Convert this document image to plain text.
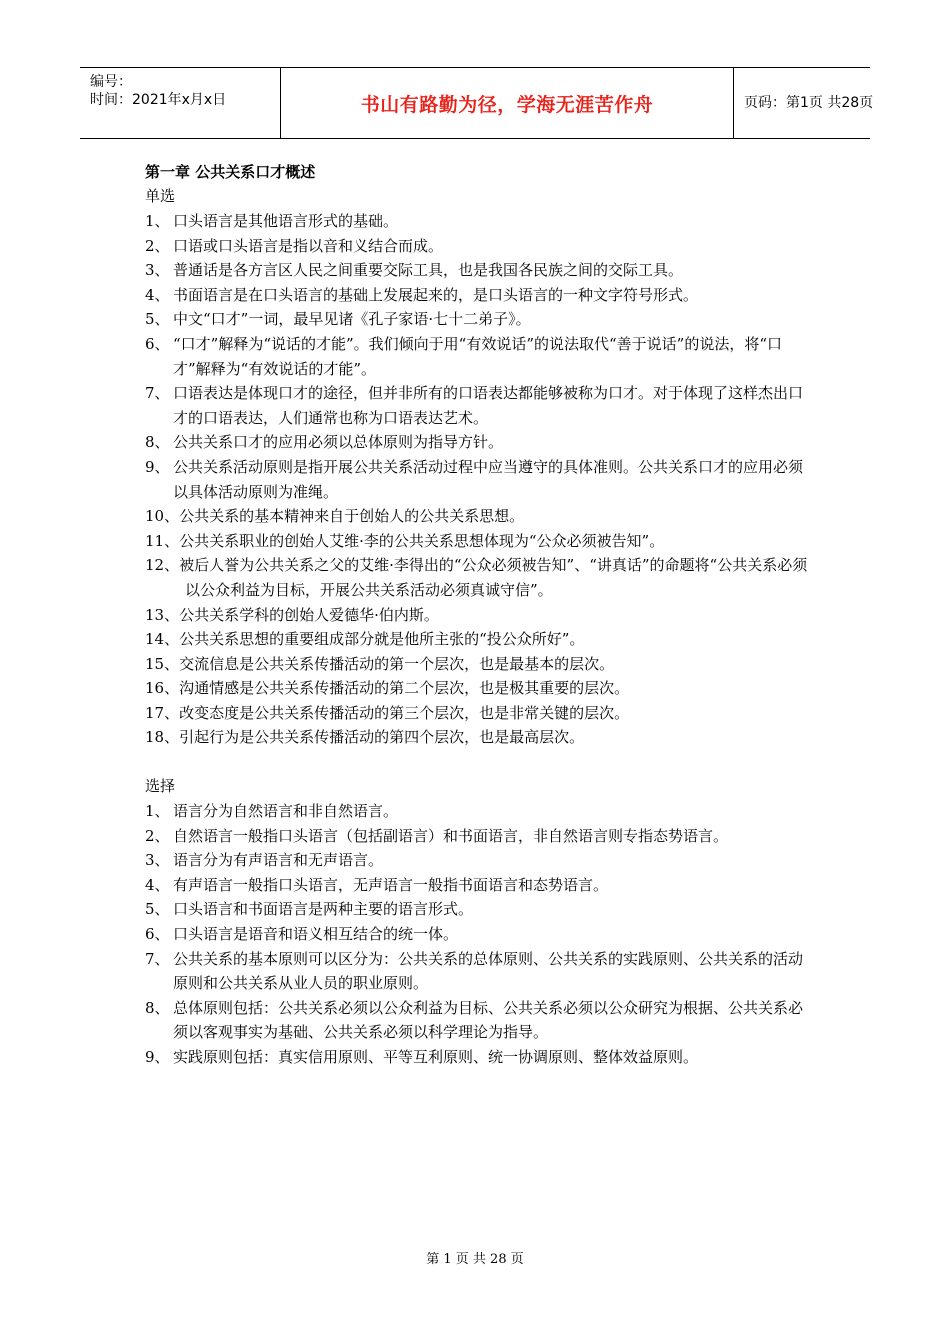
编号：
时间：2021年x月x日	书山有路勤为径，学海无涯苦作舟	页码：第1页 共28页
第一章 公共关系口才概述
单选
1、 口头语言是其他语言形式的基础。
2、 口语或口头语言是指以音和义结合而成。
3、 普通话是各方言区人民之间重要交际工具，也是我国各民族之间的交际工具。
4、 书面语言是在口头语言的基础上发展起来的，是口头语言的一种文字符号形式。
5、 中文“口才”一词，最早见诸《孔子家语·七十二弟子》。
6、 “口才”解释为“说话的才能”。我们倾向于用“有效说话”的说法取代“善于说话”的说法，将“口才”解释为“有效说话的才能”。
7、 口语表达是体现口才的途径，但并非所有的口语表达都能够被称为口才。对于体现了这样杰出口才的口语表达，人们通常也称为口语表达艺术。
8、 公共关系口才的应用必须以总体原则为指导方针。
9、 公共关系活动原则是指开展公共关系活动过程中应当遵守的具体准则。公共关系口才的应用必须以具体活动原则为准绳。
10、公共关系的基本精神来自于创始人的公共关系思想。
11、公共关系职业的创始人艾维·李的公共关系思想体现为“公众必须被告知”。
12、被后人誉为公共关系之父的艾维·李得出的“公众必须被告知”、“讲真话”的命题将“公共关系必须以公众利益为目标，开展公共关系活动必须真诚守信”。
13、公共关系学科的创始人爱德华·伯内斯。
14、公共关系思想的重要组成部分就是他所主张的“投公众所好”。
15、交流信息是公共关系传播活动的第一个层次，也是最基本的层次。
16、沟通情感是公共关系传播活动的第二个层次，也是极其重要的层次。
17、改变态度是公共关系传播活动的第三个层次，也是非常关键的层次。
18、引起行为是公共关系传播活动的第四个层次，也是最高层次。
选择
1、 语言分为自然语言和非自然语言。
2、 自然语言一般指口头语言（包括副语言）和书面语言，非自然语言则专指态势语言。
3、 语言分为有声语言和无声语言。
4、 有声语言一般指口头语言，无声语言一般指书面语言和态势语言。
5、 口头语言和书面语言是两种主要的语言形式。
6、 口头语言是语音和语义相互结合的统一体。
7、 公共关系的基本原则可以区分为：公共关系的总体原则、公共关系的实践原则、公共关系的活动原则和公共关系从业人员的职业原则。
8、 总体原则包括：公共关系必须以公众利益为目标、公共关系必须以公众研究为根据、公共关系必须以客观事实为基础、公共关系必须以科学理论为指导。
9、 实践原则包括：真实信用原则、平等互利原则、统一协调原则、整体效益原则。
第 1 页 共 28 页
